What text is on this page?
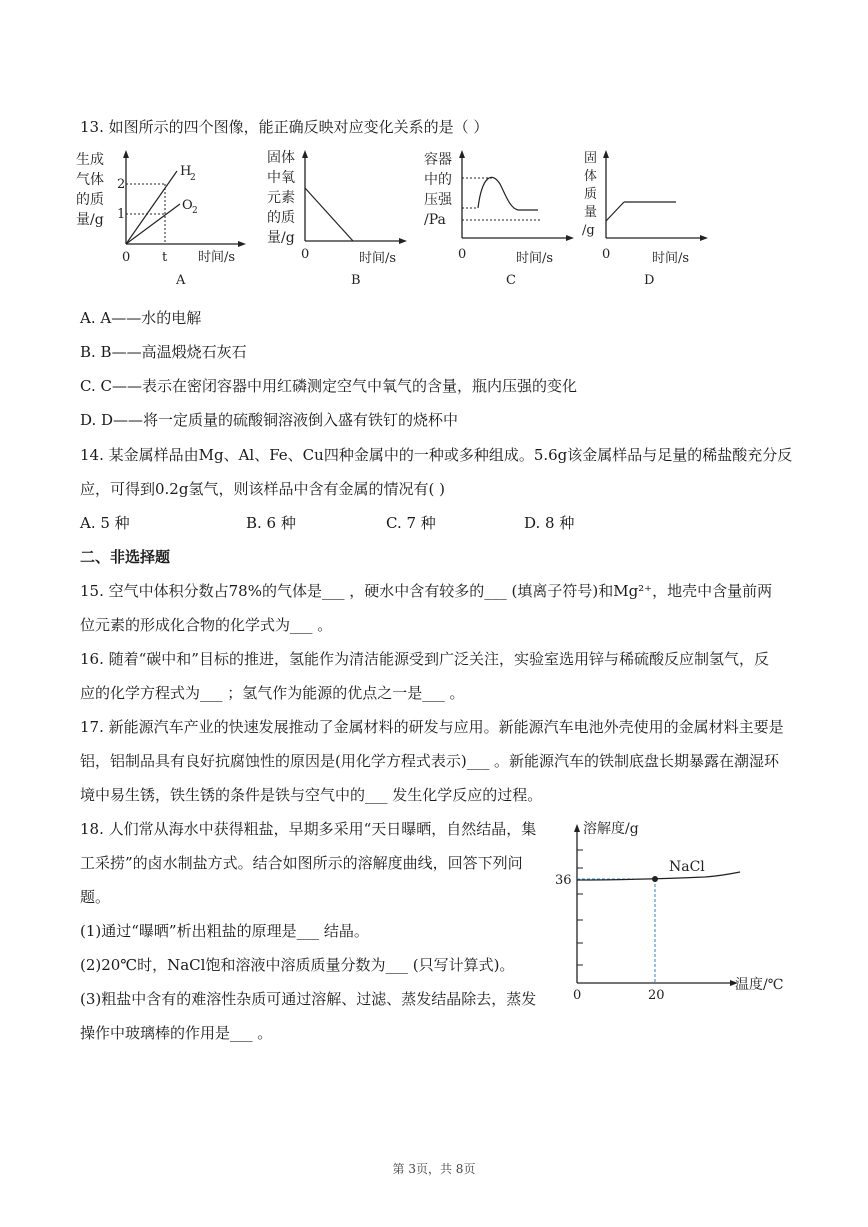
13. 如图所示的四个图像，能正确反映对应变化关系的是（ ）
生成
气体
的质
量/g
2
1
H
2
O 2
0 t 时间/s
A
固体
中氧
元素
的质
量/g
0	时间/s
B
容器
中的
压强
/Pa
0	时间/s
C
固
体
质
量
/g
0	时间/s
D
A. A——水的电解
B. B——高温煅烧石灰石
C. C——表示在密闭容器中用红磷测定空气中氧气的含量，瓶内压强的变化
D. D——将一定质量的硫酸铜溶液倒入盛有铁钉的烧杯中
14. 某金属样品由Mg、Al、Fe、Cu四种金属中的一种或多种组成。5.6g该金属样品与足量的稀盐酸充分反
应，可得到0.2g氢气，则该样品中含有金属的情况有( )
A. 5 种	B. 6 种	C. 7 种	D. 8 种
二、非选择题
15. 空气中体积分数占78%的气体是___ ，硬水中含有较多的___ (填离子符号)和Mg²⁺，地壳中含量前两
位元素的形成化合物的化学式为___ 。
16. 随着“碳中和”目标的推进，氢能作为清洁能源受到广泛关注，实验室选用锌与稀硫酸反应制氢气，反
应的化学方程式为___ ；氢气作为能源的优点之一是___ 。
17. 新能源汽车产业的快速发展推动了金属材料的研发与应用。新能源汽车电池外壳使用的金属材料主要是
铝，铝制品具有良好抗腐蚀性的原因是(用化学方程式表示)___ 。新能源汽车的铁制底盘长期暴露在潮湿环
境中易生锈，铁生锈的条件是铁与空气中的___ 发生化学反应的过程。
18. 人们常从海水中获得粗盐，早期多采用“天日曝晒，自然结晶，集
工采捞”的卤水制盐方式。结合如图所示的溶解度曲线，回答下列问
题。
(1)通过“曝晒”析出粗盐的原理是___ 结晶。
(2)20℃时，NaCl饱和溶液中溶质质量分数为___ (只写计算式)。
(3)粗盐中含有的难溶性杂质可通过溶解、过滤、蒸发结晶除去，蒸发
操作中玻璃棒的作用是___ 。
溶解度/g
温度/℃
0
36
20
NaCl
第 3页，共 8页
